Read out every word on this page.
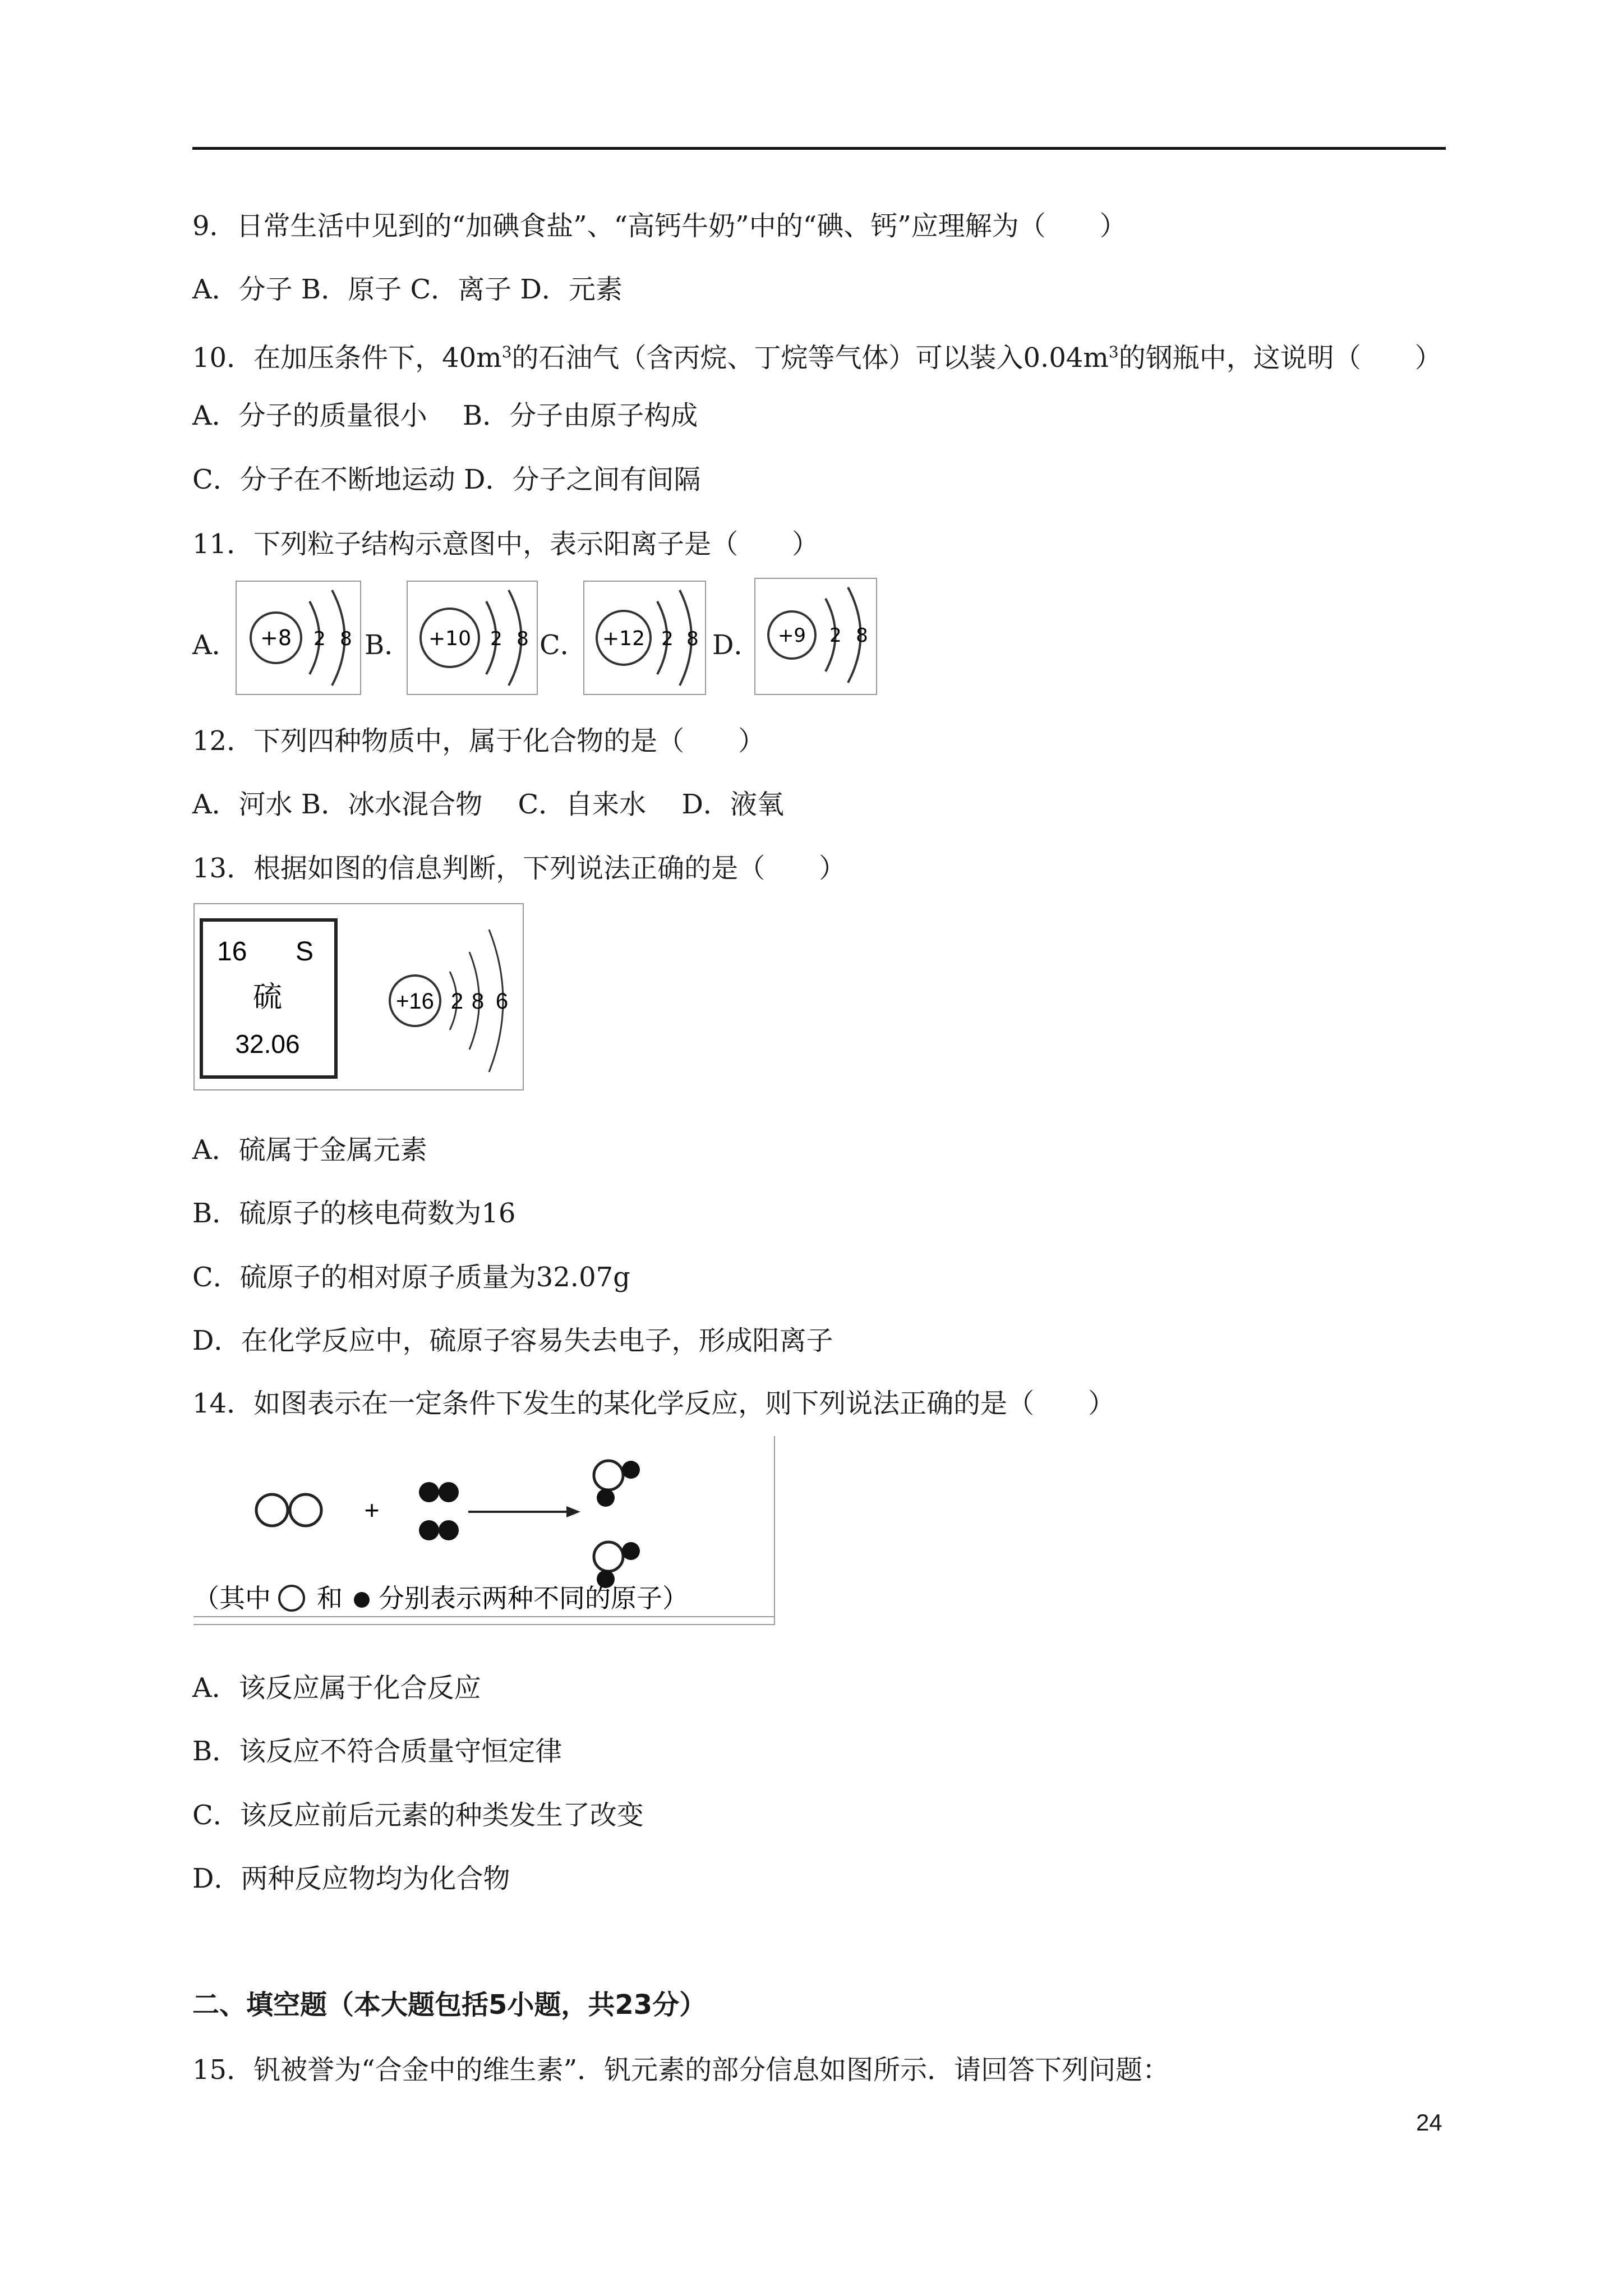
9．日常生活中见到的“加碘食盐”、“高钙牛奶”中的“碘、钙”应理解为（　　）
A．分子 B．原子 C．离子 D．元素
10．在加压条件下，$40m^3$的石油气（含丙烷、丁烷等气体）可以装入$0.04m^3$的钢瓶中，这说明（　　）
A．分子的质量很小　 B．分子由原子构成
C．分子在不断地运动 D．分子之间有间隔
11．下列粒子结构示意图中，表示阳离子是（　　）
A． +8 2 8 B． +10 2 8 C． +12 2 8 D． +9 2 8
12．下列四种物质中，属于化合物的是（　　）
A．河水 B．冰水混合物　 C．自来水　 D．液氧
13．根据如图的信息判断，下列说法正确的是（　　）
16 S
硫
32.06
+16 2 8 6
A．硫属于金属元素
B．硫原子的核电荷数为16
C．硫原子的相对原子质量为32.07g
D．在化学反应中，硫原子容易失去电子，形成阳离子
14．如图表示在一定条件下发生的某化学反应，则下列说法正确的是（　　）
+
（其中 和 分别表示两种不同的原子）
A．该反应属于化合反应
B．该反应不符合质量守恒定律
C．该反应前后元素的种类发生了改变
D．两种反应物均为化合物
二、填空题（本大题包括5小题，共23分）
15．钒被誉为“合金中的维生素”．钒元素的部分信息如图所示．请回答下列问题：
24
